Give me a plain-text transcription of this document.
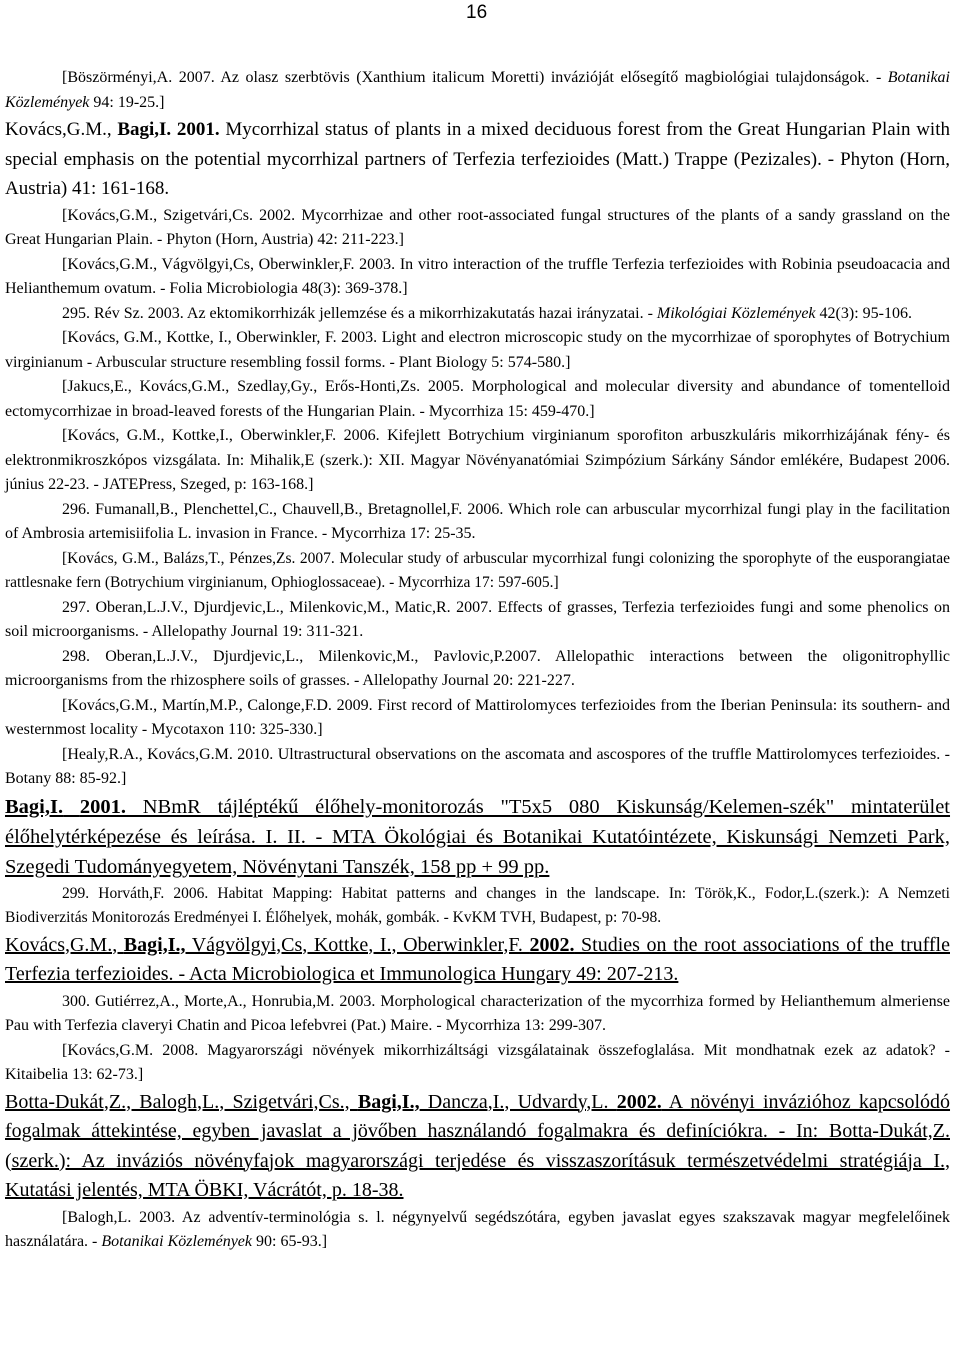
16

[Böszörményi,A. 2007. Az olasz szerbtövis (Xanthium italicum Moretti) invázióját elősegítő magbiológiai tulajdonságok. - Botanikai Közlemények 94: 19-25.]

Kovács,G.M., Bagi,I. 2001. Mycorrhizal status of plants in a mixed deciduous forest from the Great Hungarian Plain with special emphasis on the potential mycorrhizal partners of Terfezia terfezioides (Matt.) Trappe (Pezizales). - Phyton (Horn, Austria) 41: 161-168.

[Kovács,G.M., Szigetvári,Cs. 2002. Mycorrhizae and other root-associated fungal structures of the plants of a sandy grassland on the Great Hungarian Plain. - Phyton (Horn, Austria) 42: 211-223.]

[Kovács,G.M., Vágvölgyi,Cs, Oberwinkler,F. 2003. In vitro interaction of the truffle Terfezia terfezioides with Robinia pseudoacacia and Helianthemum ovatum. - Folia Microbiologia 48(3): 369-378.]

295. Rév Sz. 2003. Az ektomikorrhizák jellemzése és a mikorrhizakutatás hazai irányzatai. - Mikológiai Közlemények 42(3): 95-106.

[Kovács, G.M., Kottke, I., Oberwinkler, F. 2003. Light and electron microscopic study on the mycorrhizae of sporophytes of Botrychium virginianum - Arbuscular structure resembling fossil forms. - Plant Biology 5: 574-580.]

[Jakucs,E., Kovács,G.M., Szedlay,Gy., Erős-Honti,Zs. 2005. Morphological and molecular diversity and abundance of tomentelloid ectomycorrhizae in broad-leaved forests of the Hungarian Plain. - Mycorrhiza 15: 459-470.]

[Kovács, G.M., Kottke,I., Oberwinkler,F. 2006. Kifejlett Botrychium virginianum sporofiton arbuszkuláris mikorrhizájának fény- és elektronmikroszkópos vizsgálata. In: Mihalik,E (szerk.): XII. Magyar Növényanatómiai Szimpózium Sárkány Sándor emlékére, Budapest 2006. június 22-23. - JATEPress, Szeged, p: 163-168.]

296. Fumanall,B., Plenchettel,C., Chauvell,B., Bretagnollel,F. 2006. Which role can arbuscular mycorrhizal fungi play in the facilitation of Ambrosia artemisiifolia L. invasion in France. - Mycorrhiza 17: 25-35.

[Kovács, G.M., Balázs,T., Pénzes,Zs. 2007. Molecular study of arbuscular mycorrhizal fungi colonizing the sporophyte of the eusporangiatae rattlesnake fern (Botrychium virginianum, Ophioglossaceae). - Mycorrhiza 17: 597-605.]

297. Oberan,L.J.V., Djurdjevic,L., Milenkovic,M., Matic,R. 2007. Effects of grasses, Terfezia terfezioides fungi and some phenolics on soil microorganisms. - Allelopathy Journal 19: 311-321.

298. Oberan,L.J.V., Djurdjevic,L., Milenkovic,M., Pavlovic,P.2007. Allelopathic interactions between the oligonitrophyllic microorganisms from the rhizosphere soils of grasses. - Allelopathy Journal 20: 221-227.

[Kovács,G.M., Martín,M.P., Calonge,F.D. 2009. First record of Mattirolomyces terfezioides from the Iberian Peninsula: its southern- and westernmost locality - Mycotaxon 110: 325-330.]

[Healy,R.A., Kovács,G.M. 2010. Ultrastructural observations on the ascomata and ascospores of the truffle Mattirolomyces terfezioides. - Botany 88: 85-92.]

Bagi,I. 2001. NBmR tájléptékű élőhely-monitorozás "T5x5 080 Kiskunság/Kelemen-szék" mintaterület élőhelytérképezése és leírása. I. II. - MTA Ökológiai és Botanikai Kutatóintézete, Kiskunsági Nemzeti Park, Szegedi Tudományegyetem, Növénytani Tanszék, 158 pp + 99 pp.

299. Horváth,F. 2006. Habitat Mapping: Habitat patterns and changes in the landscape. In: Török,K., Fodor,L.(szerk.): A Nemzeti Biodiverzitás Monitorozás Eredményei I. Élőhelyek, mohák, gombák. - KvKM TVH, Budapest, p: 70-98.

Kovács,G.M., Bagi,I., Vágvölgyi,Cs, Kottke, I., Oberwinkler,F. 2002. Studies on the root associations of the truffle Terfezia terfezioides. - Acta Microbiologica et Immunologica Hungary 49: 207-213.

300. Gutiérrez,A., Morte,A., Honrubia,M. 2003. Morphological characterization of the mycorrhiza formed by Helianthemum almeriense Pau with Terfezia claveryi Chatin and Picoa lefebvrei (Pat.) Maire. - Mycorrhiza 13: 299-307.

[Kovács,G.M. 2008. Magyarországi növények mikorrhizáltsági vizsgálatainak összefoglalása. Mit mondhatnak ezek az adatok? - Kitaibelia 13: 62-73.]

Botta-Dukát,Z., Balogh,L., Szigetvári,Cs., Bagi,I., Dancza,I., Udvardy,L. 2002. A növényi invázióhoz kapcsolódó fogalmak áttekintése, egyben javaslat a jövőben használandó fogalmakra és definíciókra. - In: Botta-Dukát,Z. (szerk.): Az inváziós növényfajok magyarországi terjedése és visszaszorításuk természetvédelmi stratégiája I., Kutatási jelentés, MTA ÖBKI, Vácrátót, p. 18-38.

[Balogh,L. 2003. Az adventív-terminológia s. l. négynyelvű segédszótára, egyben javaslat egyes szakszavak magyar megfelelőinek használatára. - Botanikai Közlemények 90: 65-93.]
